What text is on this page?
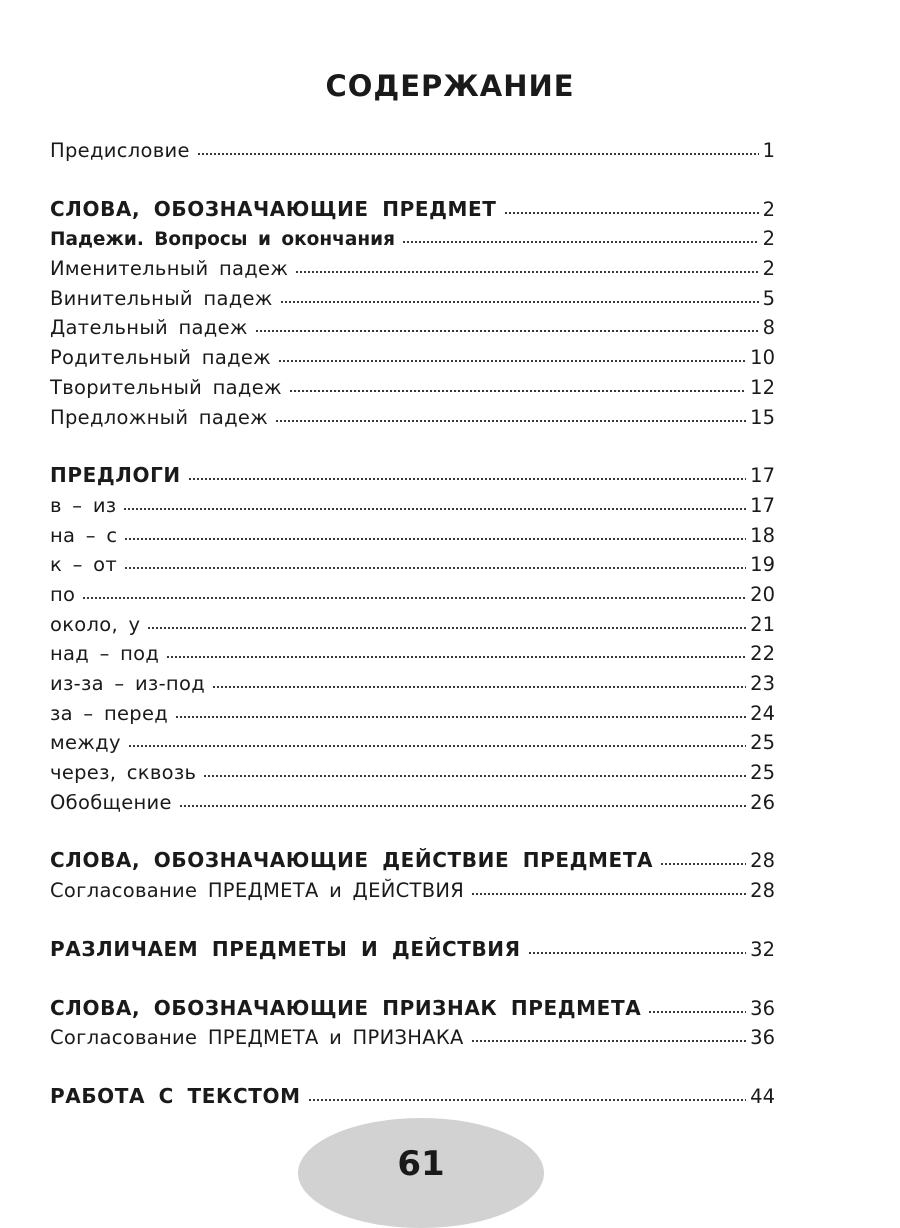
СОДЕРЖАНИЕ
Предисловие	1
СЛОВА, ОБОЗНАЧАЮЩИЕ ПРЕДМЕТ	2
Падежи. Вопросы и окончания	2
Именительный падеж	2
Винительный падеж	5
Дательный падеж	8
Родительный падеж	10
Творительный падеж	12
Предложный падеж	15
ПРЕДЛОГИ	17
в – из	17
на – с	18
к – от	19
по	20
около, у	21
над – под	22
из-за – из-под	23
за – перед	24
между	25
через, сквозь	25
Обобщение	26
СЛОВА, ОБОЗНАЧАЮЩИЕ ДЕЙСТВИЕ ПРЕДМЕТА	28
Согласование ПРЕДМЕТА и ДЕЙСТВИЯ	28
РАЗЛИЧАЕМ ПРЕДМЕТЫ И ДЕЙСТВИЯ	32
СЛОВА, ОБОЗНАЧАЮЩИЕ ПРИЗНАК ПРЕДМЕТА	36
Согласование ПРЕДМЕТА и ПРИЗНАКА	36
РАБОТА С ТЕКСТОМ	44
61
